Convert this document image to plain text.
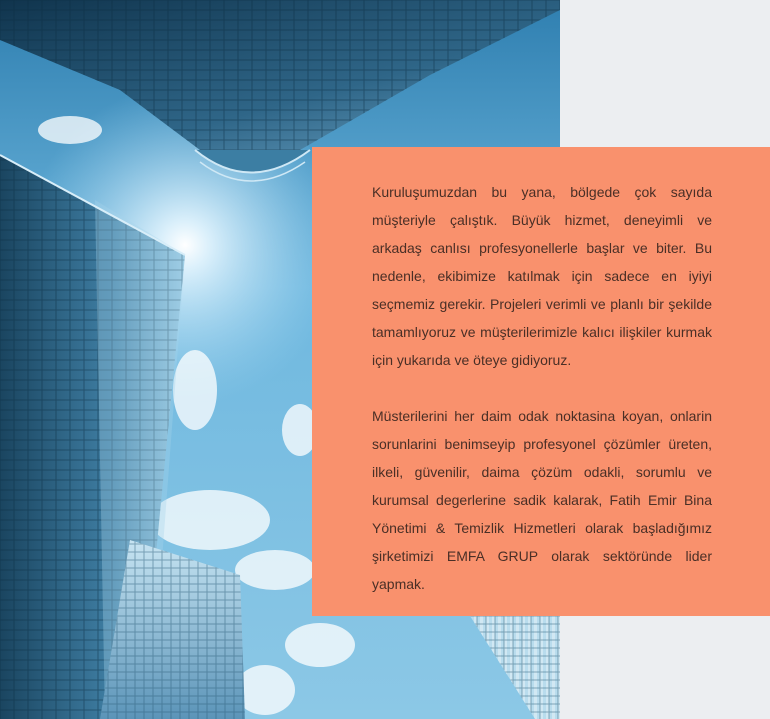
Kuruluşumuzdan bu yana, bölgede çok sayıda müşteriyle çalıştık. Büyük hizmet, deneyimli ve arkadaş canlısı profesyonellerle başlar ve biter. Bu nedenle, ekibimize katılmak için sadece en iyiyi seçmemiz gerekir. Projeleri verimli ve planlı bir şekilde tamamlıyoruz ve müşterilerimizle kalıcı ilişkiler kurmak için yukarıda ve öteye gidiyoruz.

Müsterilerini her daim odak noktasina koyan, onlarin sorunlarini benimseyip profesyonel çözümler üreten, ilkeli, güvenilir, daima çözüm odakli, sorumlu ve kurumsal degerlerine sadik kalarak, Fatih Emir Bina Yönetimi & Temizlik Hizmetleri olarak başladığımız şirketimizi EMFA GRUP olarak sektöründe lider yapmak.
